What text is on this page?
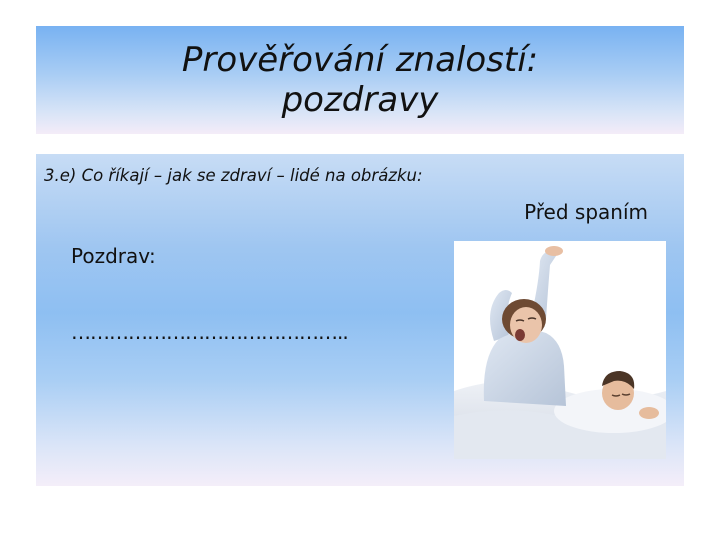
Prověřování znalostí:
pozdravy
3.e) Co říkají – jak se zdraví – lidé na obrázku:
Před spaním
Pozdrav:
……………………………………..
